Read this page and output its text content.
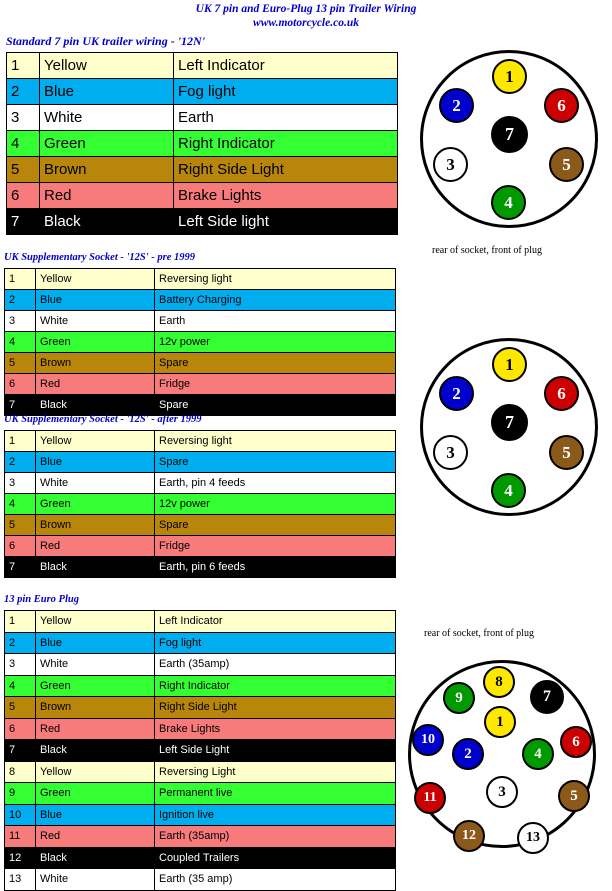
UK 7 pin and Euro-Plug 13 pin Trailer Wiring
www.motorcycle.co.uk
Standard 7 pin UK trailer wiring - '12N'
1	Yellow	Left Indicator
2	Blue	Fog light
3	White	Earth
4	Green	Right Indicator
5	Brown	Right Side Light
6	Red	Brake Lights
7	Black	Left Side light
1
2	6
7
3	5
4
rear of socket, front of plug
UK Supplementary Socket - '12S' - pre 1999
1	Yellow	Reversing light
2	Blue	Battery Charging
3	White	Earth
4	Green	12v power
5	Brown	Spare
6	Red	Fridge
7	Black	Spare
UK Supplementary Socket - '12S' - after 1999
1	Yellow	Reversing light
2	Blue	Spare
3	White	Earth, pin 4 feeds
4	Green	12v power
5	Brown	Spare
6	Red	Fridge
7	Black	Earth, pin 6 feeds
1
2	6
7
3	5
4
13 pin Euro Plug
1	Yellow	Left Indicator
2	Blue	Fog light
3	White	Earth (35amp)
4	Green	Right Indicator
5	Brown	Right Side Light
6	Red	Brake Lights
7	Black	Left Side Light
8	Yellow	Reversing Light
9	Green	Permanent live
10	Blue	Ignition live
11	Red	Earth (35amp)
12	Black	Coupled Trailers
13	White	Earth (35 amp)
rear of socket, front of plug
8
9	7
1
10
2	4
6
11	3	5
12	13
